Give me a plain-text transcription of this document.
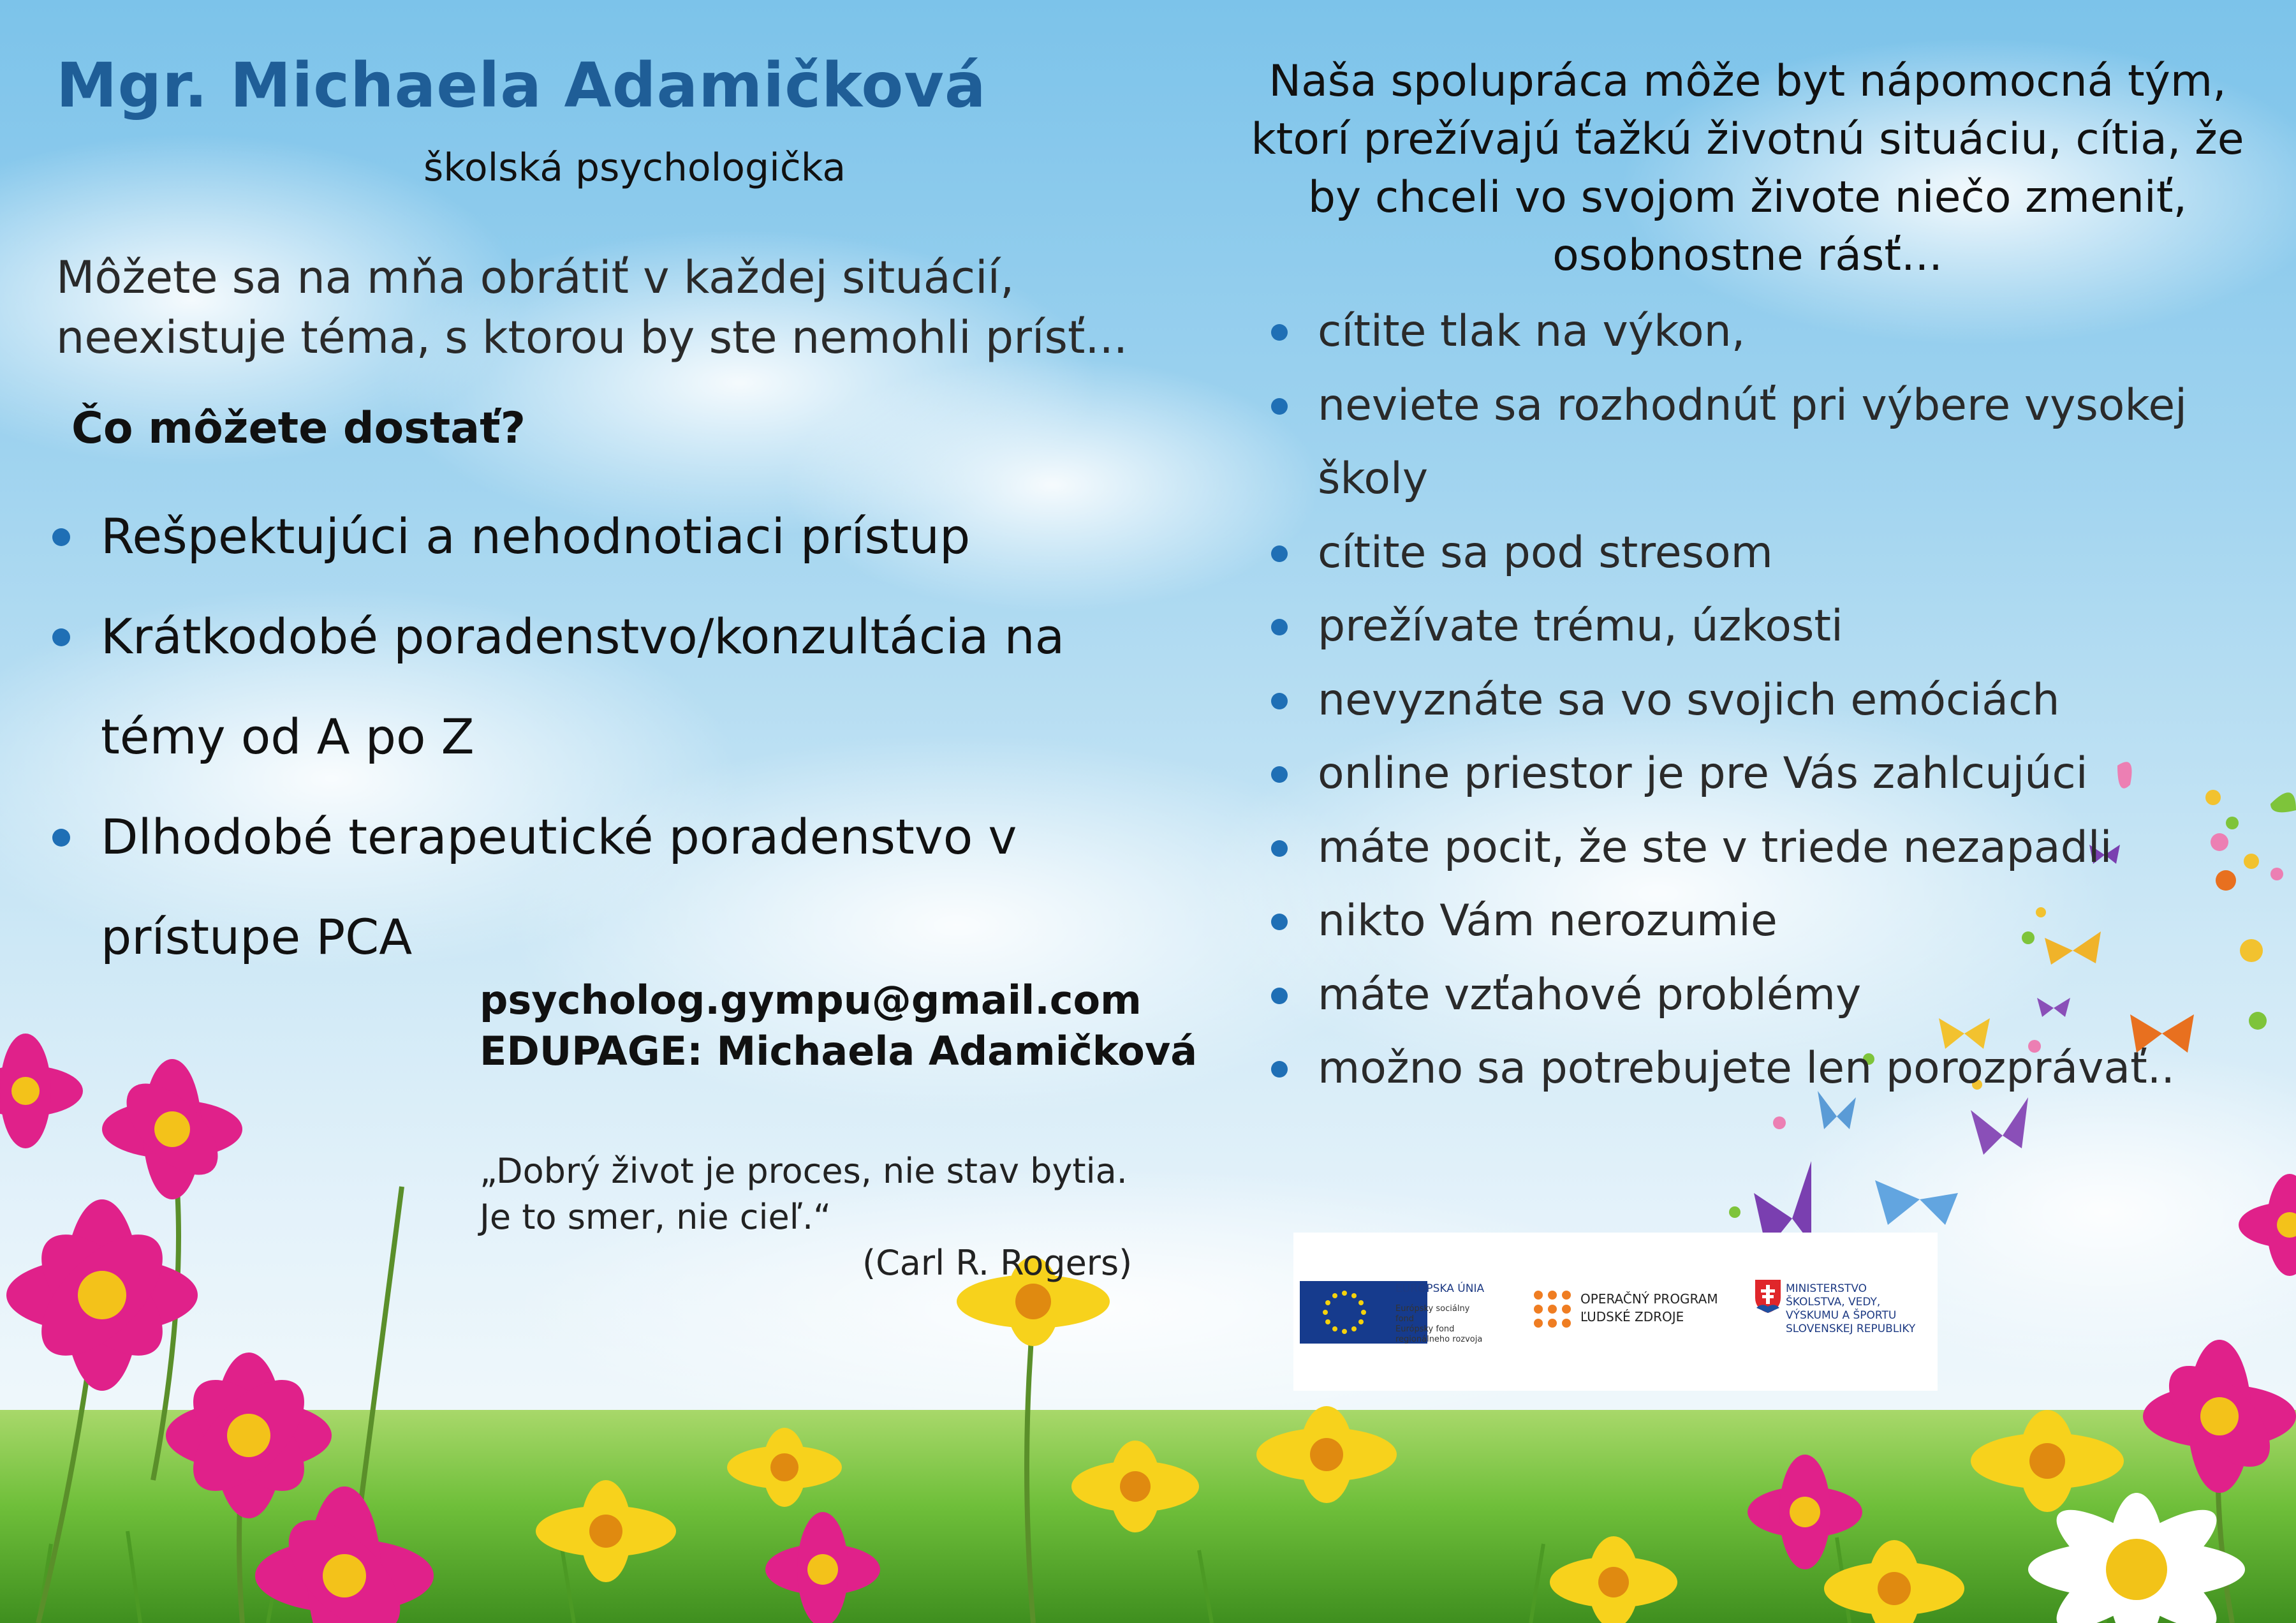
Mgr. Michaela Adamičková
školská psychologička
Môžete sa na mňa obrátiť v každej situácií,
neexistuje téma, s ktorou by ste nemohli prísť...
Čo môžete dostať?
Rešpektujúci a nehodnotiaci prístup
Krátkodobé poradenstvo/konzultácia na témy od A po Z
Dlhodobé terapeutické poradenstvo v prístupe PCA
psycholog.gympu@gmail.com
EDUPAGE: Michaela Adamičková
„Dobrý život je proces, nie stav bytia.
Je to smer, nie cieľ.“
(Carl R. Rogers)
Naša spolupráca môže byt nápomocná tým, ktorí prežívajú ťažkú životnú situáciu, cítia, že by chceli vo svojom živote niečo zmeniť, osobnostne rásť...
cítite tlak na výkon,
neviete sa rozhodnúť pri výbere vysokej školy
cítite sa pod stresom
prežívate trému, úzkosti
nevyznáte sa vo svojich emóciách
online priestor je pre Vás zahlcujúci
máte pocit, že ste v triede nezapadli
nikto Vám nerozumie
máte vzťahové problémy
možno sa potrebujete len porozprávať..
EURÓPSKA ÚNIA
Európsky sociálny fond
Európsky fond
regionálneho rozvoja
OPERAČNÝ PROGRAM
ĽUDSKÉ ZDROJE
MINISTERSTVO
ŠKOLSTVA, VEDY,
VÝSKUMU A ŠPORTU
SLOVENSKEJ REPUBLIKY
